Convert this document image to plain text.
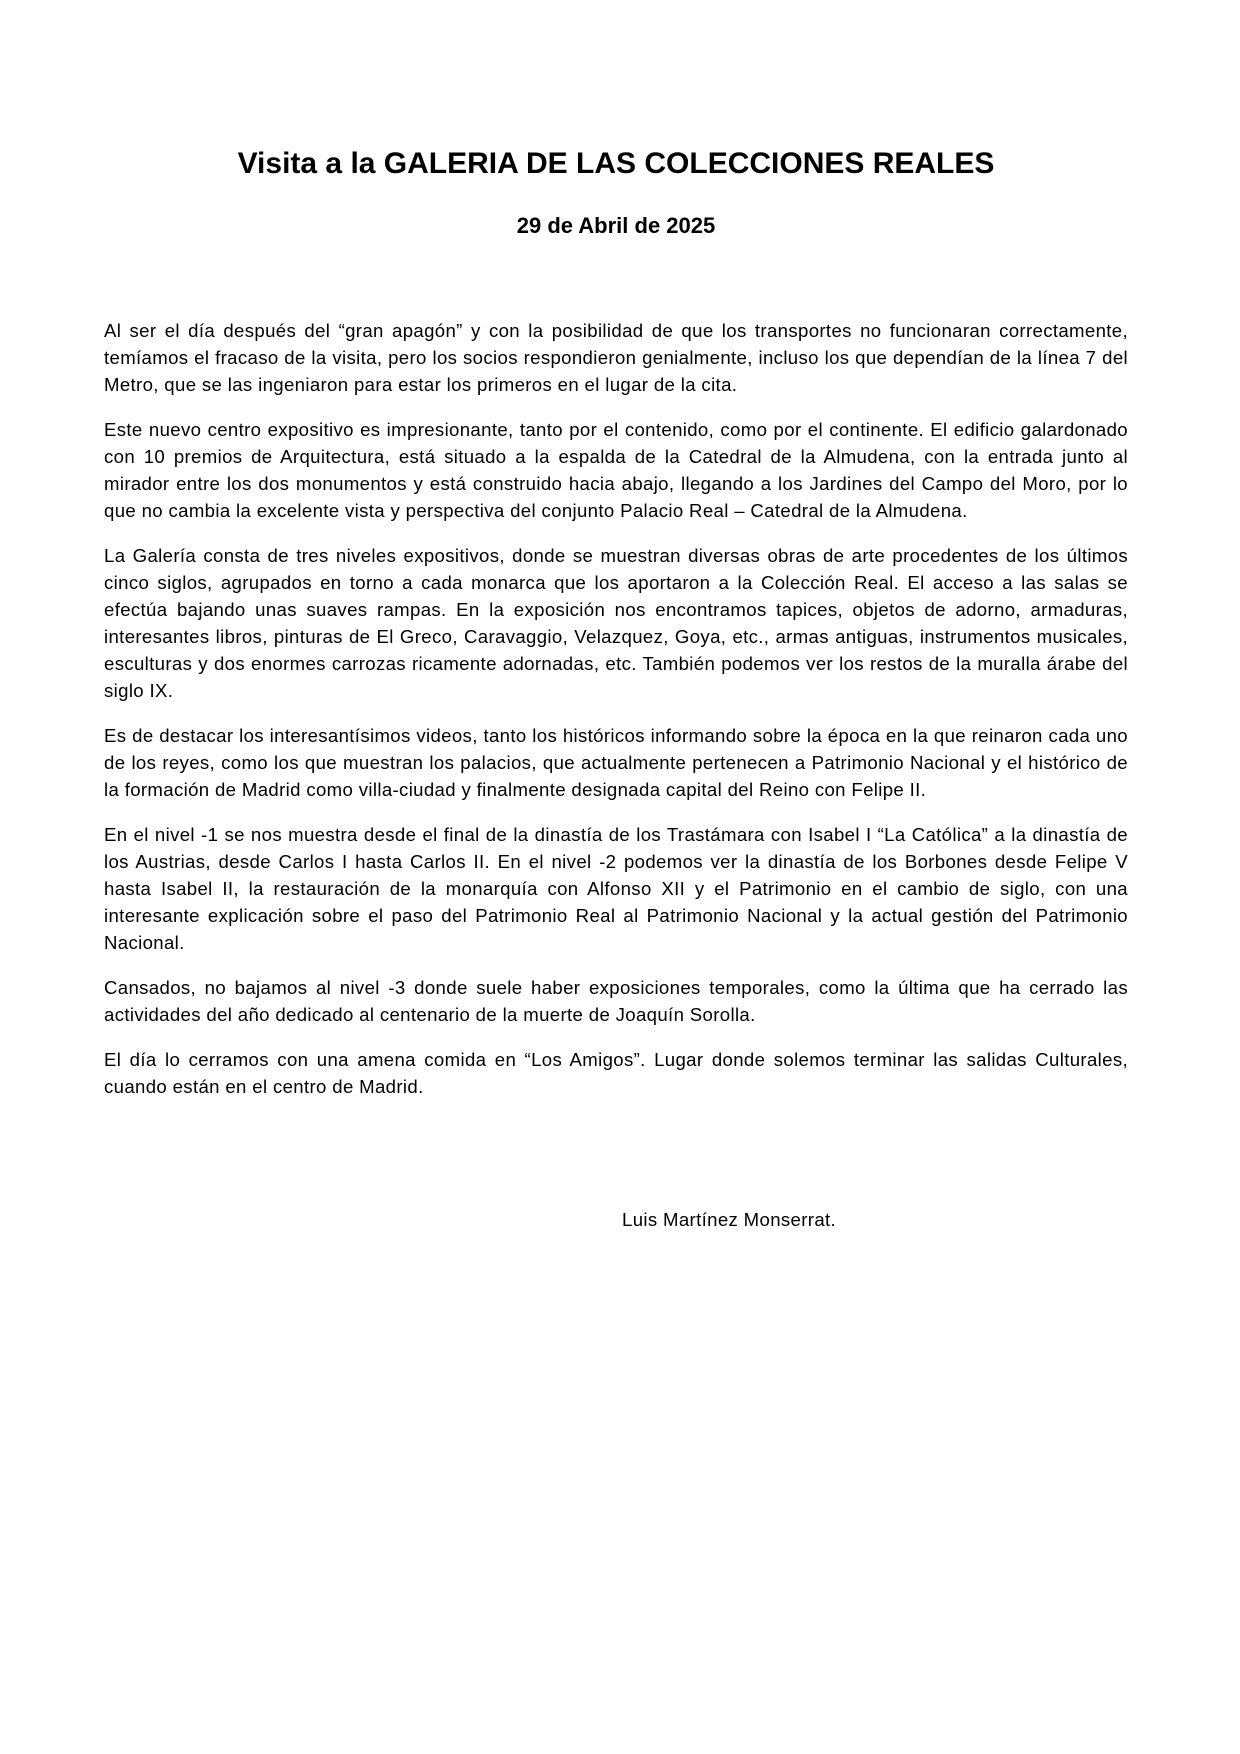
Visita a la GALERIA DE LAS COLECCIONES REALES
29 de Abril de 2025

Al ser el día después del “gran apagón” y con la posibilidad de que los transportes no funcionaran correctamente, temíamos el fracaso de la visita, pero los socios respondieron genialmente, incluso los que dependían de la línea 7 del Metro, que se las ingeniaron para estar los primeros en el lugar de la cita.

Este nuevo centro expositivo es impresionante, tanto por el contenido, como por el continente. El edificio galardonado con 10 premios de Arquitectura, está situado a la espalda de la Catedral de la Almudena, con la entrada junto al mirador entre los dos monumentos y está construido hacia abajo, llegando a los Jardines del Campo del Moro, por lo que no cambia la excelente vista y perspectiva del conjunto Palacio Real – Catedral de la Almudena.

La Galería consta de tres niveles expositivos, donde se muestran diversas obras de arte procedentes de los últimos cinco siglos, agrupados en torno a cada monarca que los aportaron a la Colección Real. El acceso a las salas se efectúa bajando unas suaves rampas. En la exposición nos encontramos tapices, objetos de adorno, armaduras, interesantes libros, pinturas de El Greco, Caravaggio, Velazquez, Goya, etc., armas antiguas, instrumentos musicales, esculturas y dos enormes carrozas ricamente adornadas, etc. También podemos ver los restos de la muralla árabe del siglo IX.

Es de destacar los interesantísimos videos, tanto los históricos informando sobre la época en la que reinaron cada uno de los reyes, como los que muestran los palacios, que actualmente pertenecen a Patrimonio Nacional y el histórico de la formación de Madrid como villa-ciudad y finalmente designada capital del Reino con Felipe II.

En el nivel -1 se nos muestra desde el final de la dinastía de los Trastámara con Isabel I “La Católica” a la dinastía de los Austrias, desde Carlos I hasta Carlos II. En el nivel -2 podemos ver la dinastía de los Borbones desde Felipe V hasta Isabel II, la restauración de la monarquía con Alfonso XII y el Patrimonio en el cambio de siglo, con una interesante explicación sobre el paso del Patrimonio Real al Patrimonio Nacional y la actual gestión del Patrimonio Nacional.

Cansados, no bajamos al nivel -3 donde suele haber exposiciones temporales, como la última que ha cerrado las actividades del año dedicado al centenario de la muerte de Joaquín Sorolla.

El día lo cerramos con una amena comida en “Los Amigos”. Lugar donde solemos terminar las salidas Culturales, cuando están en el centro de Madrid.

Luis Martínez Monserrat.
